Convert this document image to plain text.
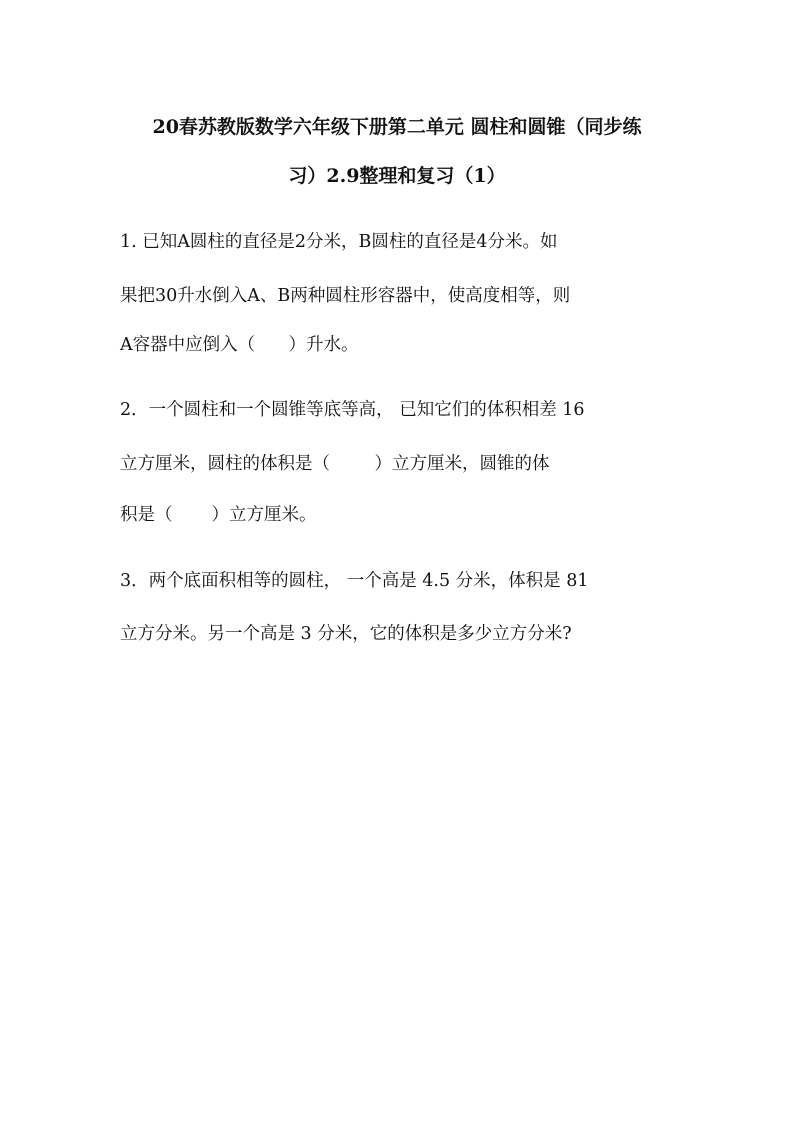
20春苏教版数学六年级下册第二单元 圆柱和圆锥（同步练
习）2.9整理和复习（1）
1. 已知A圆柱的直径是2分米，B圆柱的直径是4分米。如
果把30升水倒入A、B两种圆柱形容器中，使高度相等，则
A容器中应倒入（      ）升水。
2．一个圆柱和一个圆锥等底等高， 已知它们的体积相差 16
立方厘米，圆柱的体积是（        ）立方厘米，圆锥的体
积是（       ）立方厘米。
3．两个底面积相等的圆柱， 一个高是 4.5 分米，体积是 81
立方分米。另一个高是 3 分米，它的体积是多少立方分米?
